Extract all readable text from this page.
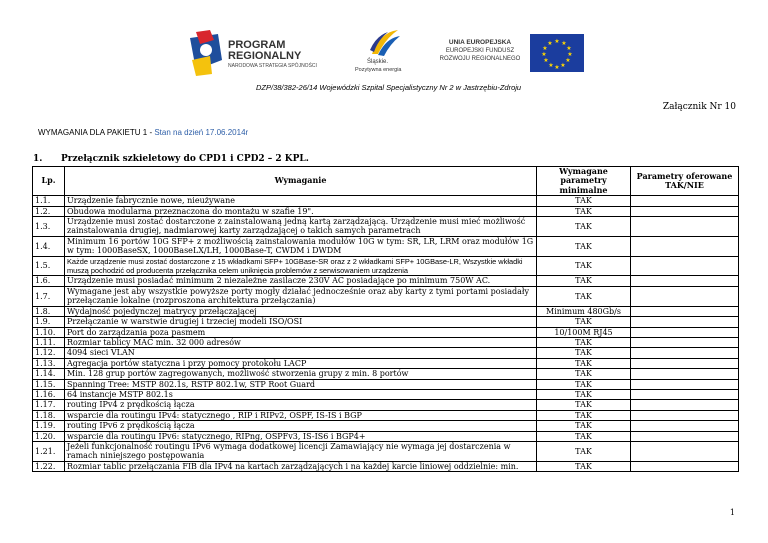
PROGRAM
REGIONALNY
NARODOWA STRATEGIA SPÓJNOŚCI
Śląskie.
Pozytywna energia
UNIA EUROPEJSKA
EUROPEJSKI FUNDUSZ
ROZWOJU REGIONALNEGO
★ ★
★
★
★
★
★
★
★
★
★
★
DZP/38/382-26/14 Wojewódzki Szpital Specjalistyczny Nr 2 w Jastrzębiu-Zdroju
Załącznik Nr 10
WYMAGANIA DLA PAKIETU 1 - Stan na dzień 17.06.2014r
1. Przełącznik szkieletowy do CPD1 i CPD2 – 2 KPL.
Lp.	Wymaganie	Wymagane parametry minimalne	Parametry oferowane TAK/NIE
1.1.	Urządzenie fabrycznie nowe, nieużywane	TAK	
1.2.	Obudowa modularna przeznaczona do montażu w szafie 19".	TAK	
1.3.	Urządzenie musi zostać dostarczone z zainstalowaną jedną kartą zarządzającą. Urządzenie musi mieć możliwość zainstalowania drugiej, nadmiarowej karty zarządzającej o takich samych parametrach	TAK	
1.4.	Minimum 16 portów 10G SFP+ z możliwością zainstalowania modułów 10G w tym: SR, LR, LRM oraz modułów 1G w tym: 1000BaseSX, 1000BaseLX/LH, 1000Base-T, CWDM i DWDM	TAK	
1.5.	Każde urządzenie musi zostać dostarczone z 15 wkładkami SFP+ 10GBase-SR oraz z 2 wkładkami SFP+ 10GBase-LR, Wszystkie wkładki muszą pochodzić od producenta przełącznika celem uniknięcia problemów z serwisowaniem urządzenia	TAK	
1.6.	Urządzenie musi posiadać minimum 2 niezależne zasilacze 230V AC posiadające po minimum 750W AC.	TAK	
1.7.	Wymagane jest aby wszystkie powyższe porty mogły działać jednocześnie oraz aby karty z tymi portami posiadały przełączanie lokalne (rozproszona architektura przełączania)	TAK	
1.8.	Wydajność pojedynczej matrycy przełączającej	Minimum 480Gb/s	
1.9.	Przełączanie w warstwie drugiej i trzeciej modeli ISO/OSI	TAK	
1.10.	Port do zarządzania poza pasmem	10/100M RJ45	
1.11.	Rozmiar tablicy MAC min. 32 000 adresów	TAK	
1.12.	4094 sieci VLAN	TAK	
1.13.	Agregacja portów statyczna i przy pomocy protokołu LACP	TAK	
1.14.	Min. 128 grup portów zagregowanych, możliwość stworzenia grupy z min. 8 portów	TAK	
1.15.	Spanning Tree: MSTP 802.1s, RSTP 802.1w, STP Root Guard	TAK	
1.16.	64 instancje MSTP 802.1s	TAK	
1.17.	routing IPv4 z prędkością łącza	TAK	
1.18.	wsparcie dla routingu IPv4: statycznego , RIP i RIPv2, OSPF, IS-IS i BGP	TAK	
1.19.	routing IPv6 z prędkością łącza	TAK	
1.20.	wsparcie dla routingu IPv6: statycznego, RIPng, OSPFv3, IS-IS6 i BGP4+	TAK	
1.21.	Jeżeli funkcjonalność routingu IPv6 wymaga dodatkowej licencji Zamawiający nie wymaga jej dostarczenia w ramach niniejszego postępowania	TAK	
1.22.	Rozmiar tablic przełączania FIB dla IPv4 na kartach zarządzających i na każdej karcie liniowej oddzielnie: min.	TAK	
1
